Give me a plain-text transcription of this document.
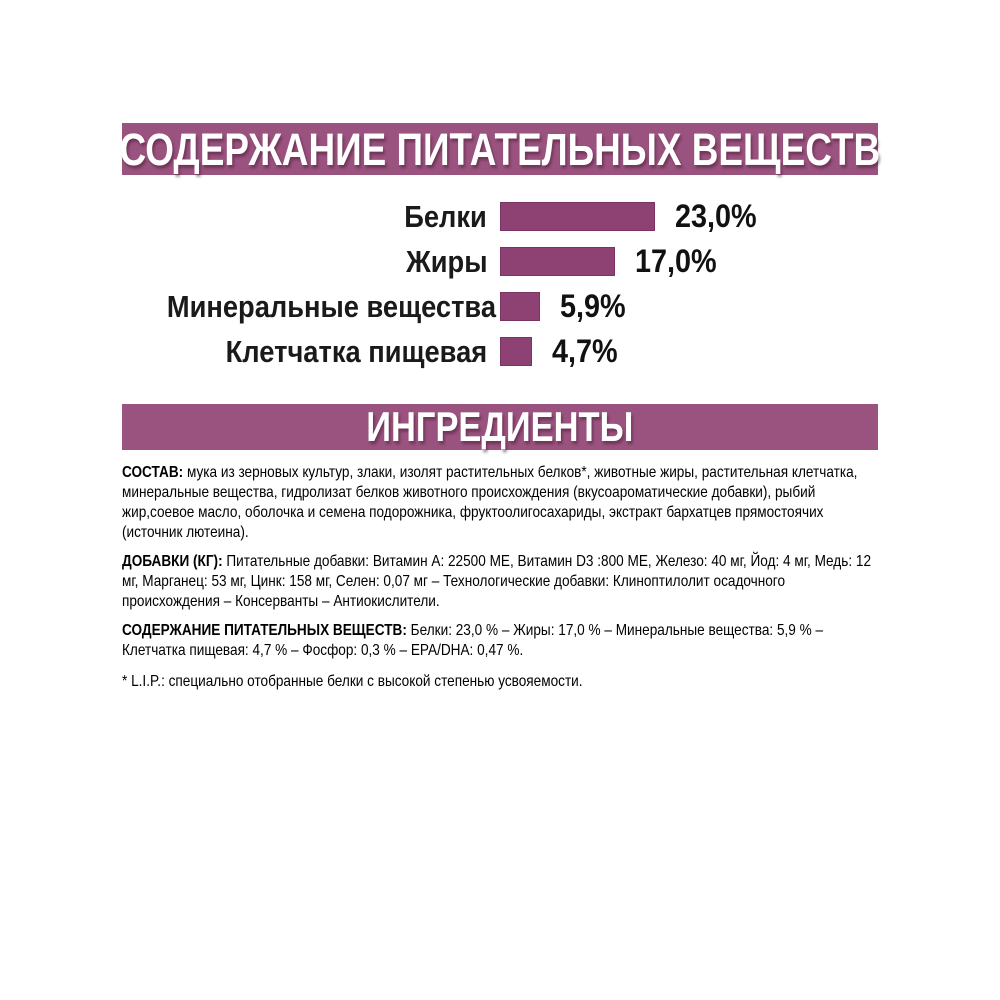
СОДЕРЖАНИЕ ПИТАТЕЛЬНЫХ ВЕЩЕСТВ
Белки	23,0%
Жиры	17,0%
Минеральные вещества 5,9%
Клетчатка пищевая 4,7%
ИНГРЕДИЕНТЫ

СОСТАВ: мука из зерновых культур, злаки, изолят растительных белков*, животные жиры, растительная клетчатка, минеральные вещества, гидролизат белков животного происхождения (вкусоароматические добавки), рыбий жир,соевое масло, оболочка и семена подорожника, фруктоолигосахариды, экстракт бархатцев прямостоячих (источник лютеина).

ДОБАВКИ (КГ): Питательные добавки: Витамин A: 22500 МЕ, Витамин D3 :800 МЕ, Железо: 40 мг, Йод: 4 мг, Медь: 12 мг, Марганец: 53 мг, Цинк: 158 мг, Селен: 0,07 мг – Технологические добавки: Клиноптилолит осадочного происхождения – Консерванты – Антиокислители.

СОДЕРЖАНИЕ ПИТАТЕЛЬНЫХ ВЕЩЕСТВ: Белки: 23,0 % – Жиры: 17,0 % – Минеральные вещества: 5,9 % – Клетчатка пищевая: 4,7 % – Фосфор: 0,3 % – EPA/DHA: 0,47 %.

* L.I.P.: специально отобранные белки с высокой степенью усвояемости.
